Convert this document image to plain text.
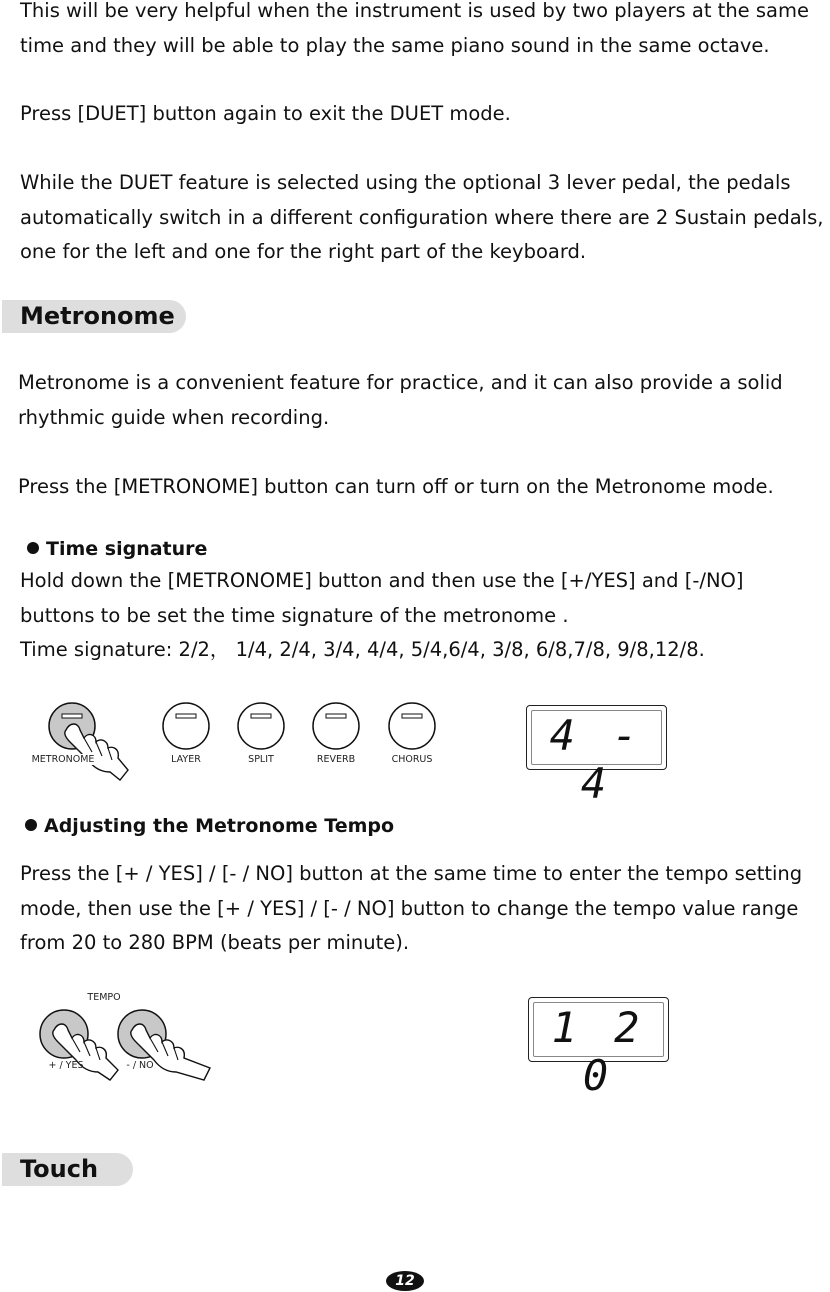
This will be very helpful when the instrument is used by two players at the same
time and they will be able to play the same piano sound in the same octave.

Press [DUET] button again to exit the DUET mode.

While the DUET feature is selected using the optional 3 lever pedal, the pedals
automatically switch in a different configuration where there are 2 Sustain pedals,
one for the left and one for the right part of the keyboard.

Metronome

Metronome is a convenient feature for practice, and it can also provide a solid
rhythmic guide when recording.

Press the [METRONOME] button can turn off or turn on the Metronome mode.

Time signature

Hold down the [METRONOME] button and then use the [+/YES] and [-/NO]
buttons to be set the time signature of the metronome .
Time signature: 2/2， 1/4, 2/4, 3/4, 4/4, 5/4,6/4, 3/8, 6/8,7/8, 9/8,12/8.

METRONOME	LAYER	SPLIT	REVERB	CHORUS	4 - 4
Adjusting the Metronome Tempo

Press the [+ / YES] / [- / NO] button at the same time to enter the tempo setting
mode, then use the [+ / YES] / [- / NO] button to change the tempo value range
from 20 to 280 BPM (beats per minute).

TEMPO
+ / YES	- / NO
1 2 0
Touch
12
